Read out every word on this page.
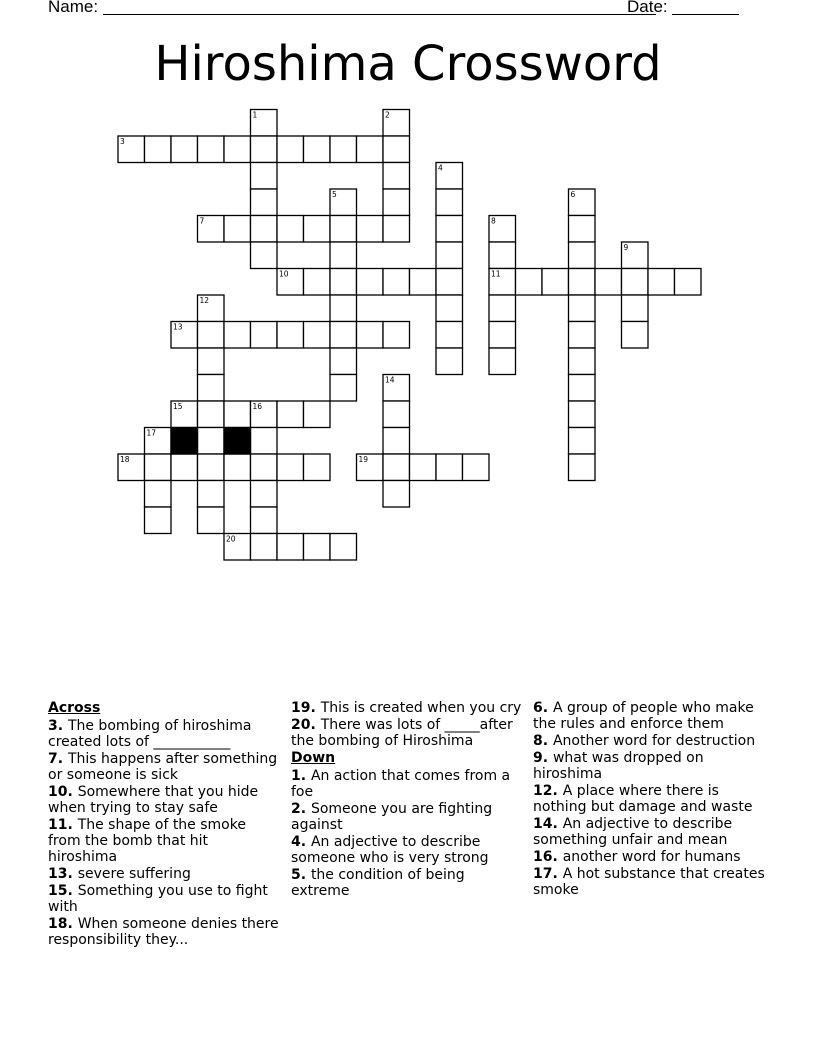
Name:	Date:
Hiroshima Crossword
1	2
3
4
5	6
7	8
9
10	11
12
13
14
15	16
17
18	19
20
Across
3. The bombing of hiroshima created lots of ___________
7. This happens after something or someone is sick
10. Somewhere that you hide when trying to stay safe
11. The shape of the smoke from the bomb that hit hiroshima
13. severe suffering
15. Something you use to fight with
18. When someone denies there responsibility they...
19. This is created when you cry
20. There was lots of _____after the bombing of Hiroshima
Down
1. An action that comes from a foe
2. Someone you are fighting against
4. An adjective to describe someone who is very strong
5. the condition of being extreme
6. A group of people who make the rules and enforce them
8. Another word for destruction
9. what was dropped on hiroshima
12. A place where there is nothing but damage and waste
14. An adjective to describe something unfair and mean
16. another word for humans
17. A hot substance that creates smoke
